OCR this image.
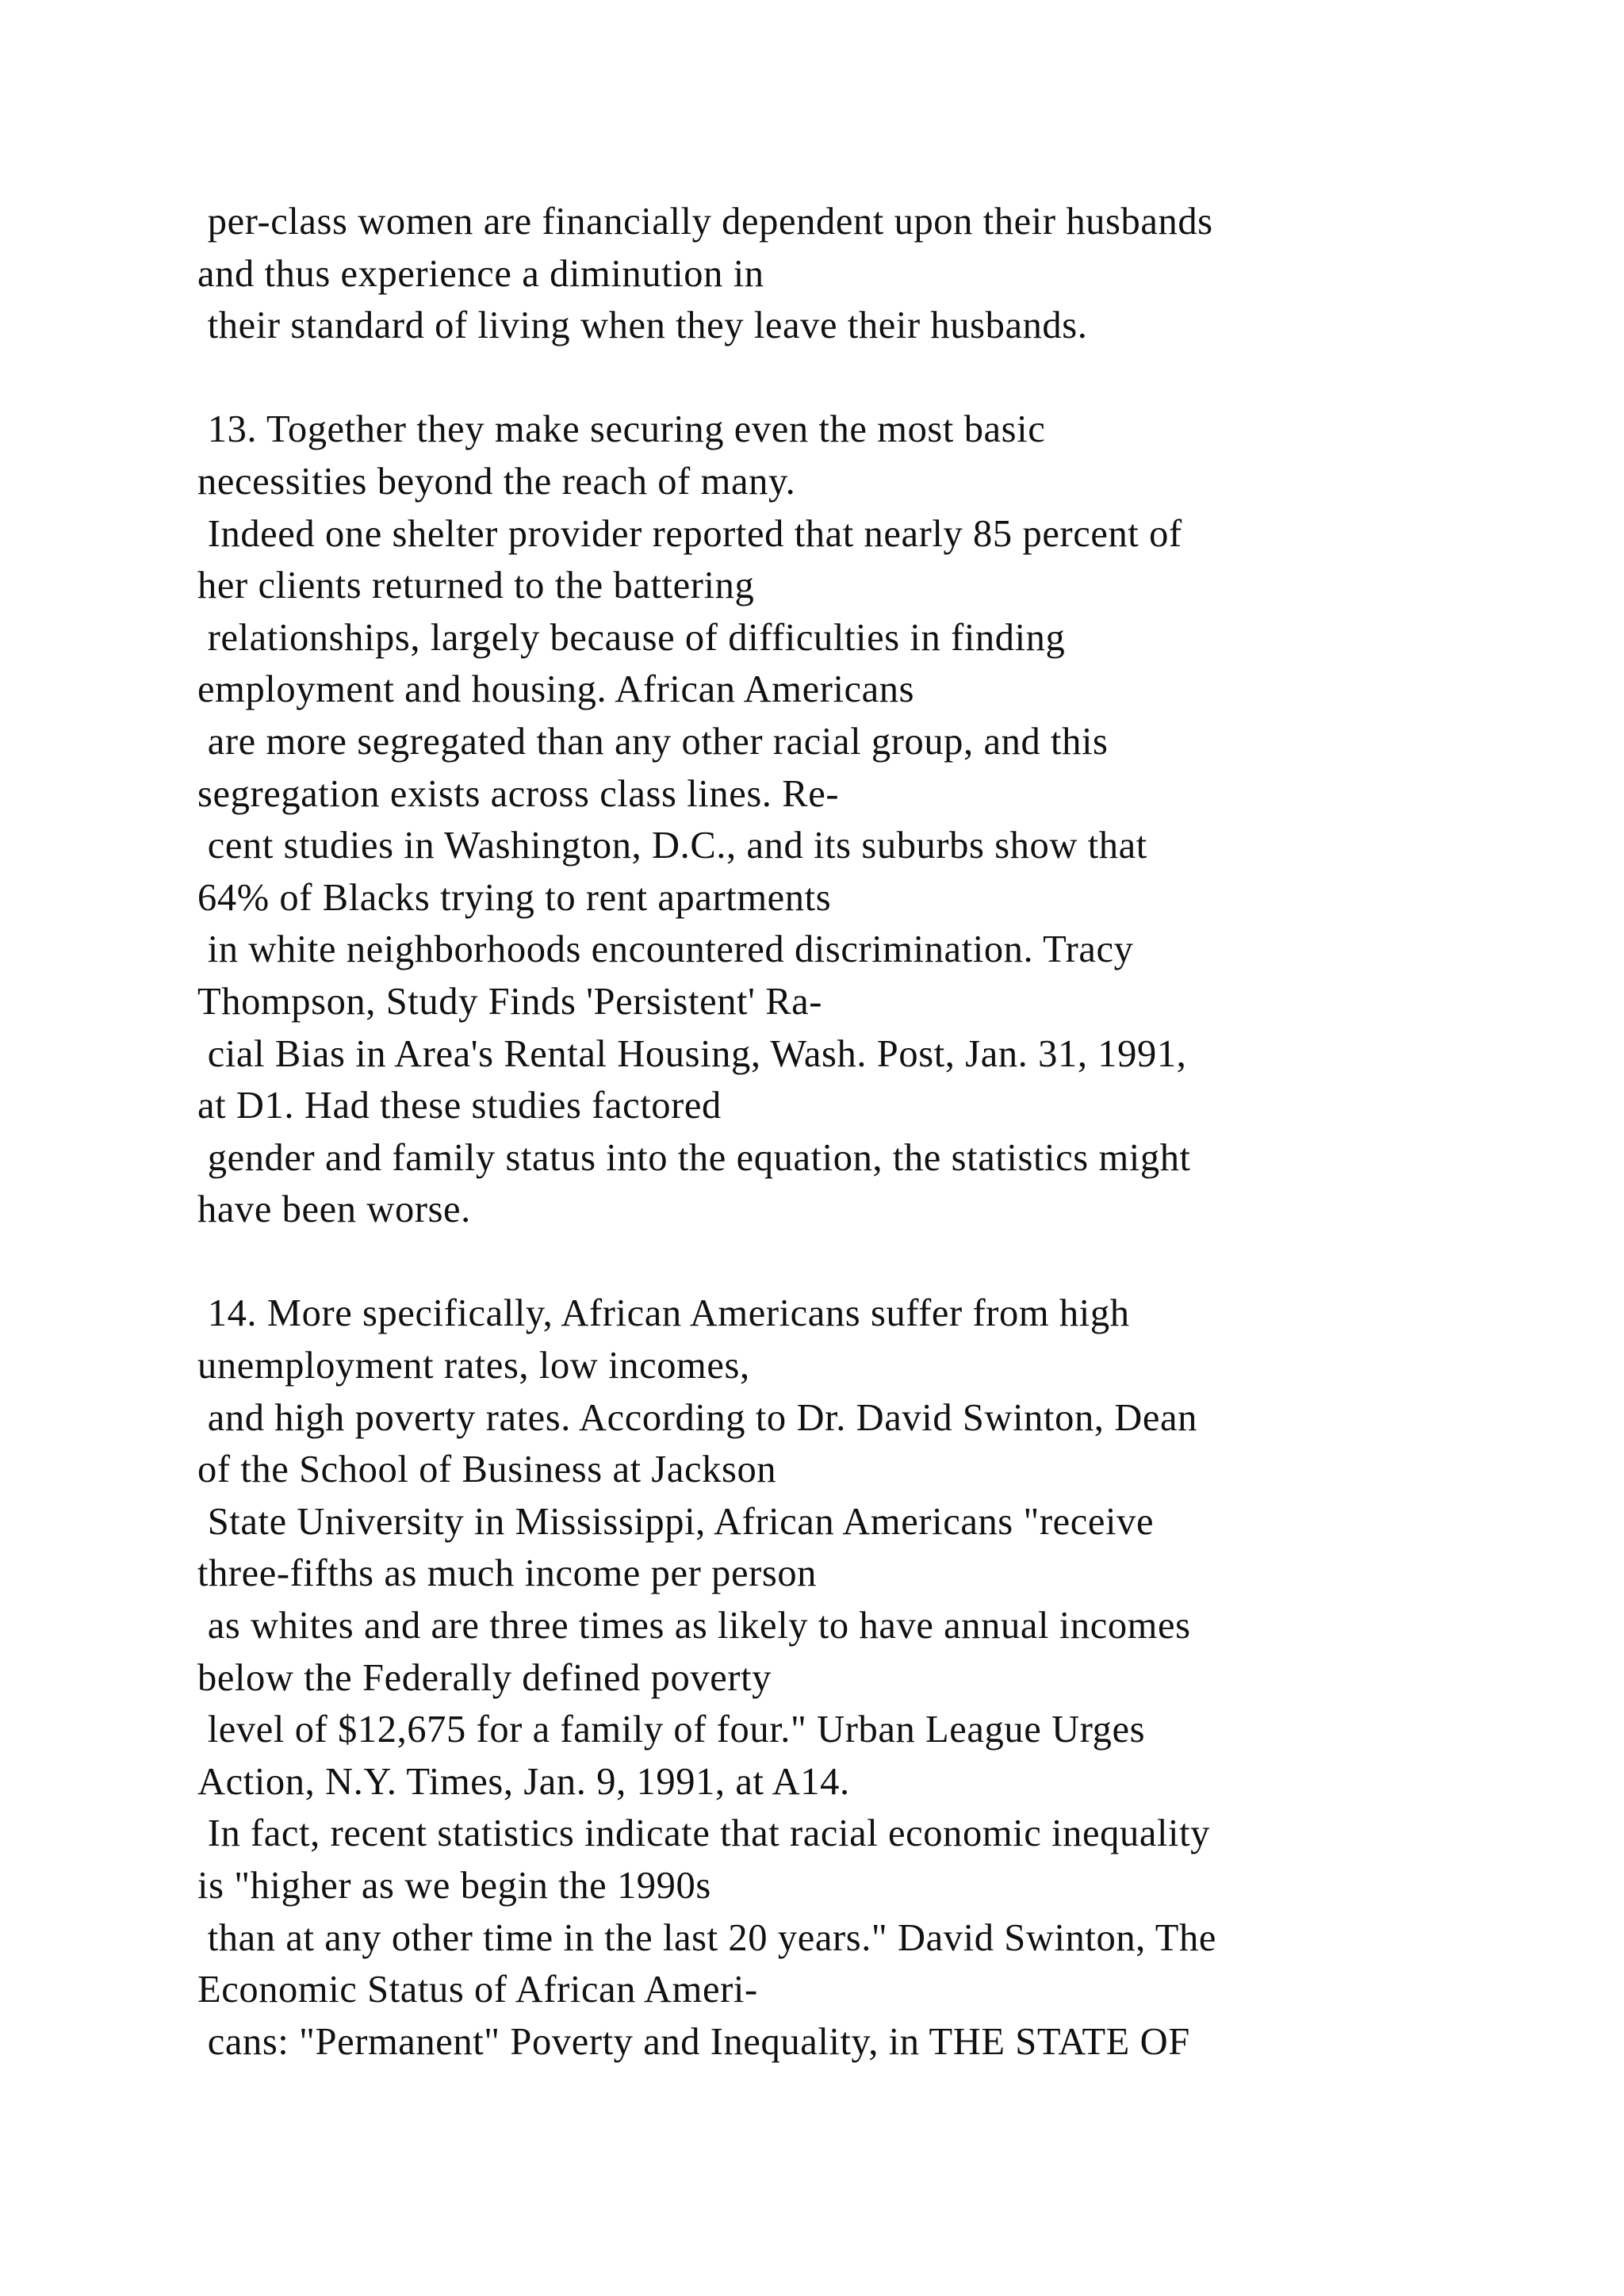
per-class women are financially dependent upon their husbands
and thus experience a diminution in
their standard of living when they leave their husbands.
13. Together they make securing even the most basic
necessities beyond the reach of many.
Indeed one shelter provider reported that nearly 85 percent of
her clients returned to the battering
relationships, largely because of difficulties in finding
employment and housing. African Americans
are more segregated than any other racial group, and this
segregation exists across class lines. Re-
cent studies in Washington, D.C., and its suburbs show that
64% of Blacks trying to rent apartments
in white neighborhoods encountered discrimination. Tracy
Thompson, Study Finds 'Persistent' Ra-
cial Bias in Area's Rental Housing, Wash. Post, Jan. 31, 1991,
at D1. Had these studies factored
gender and family status into the equation, the statistics might
have been worse.
14. More specifically, African Americans suffer from high
unemployment rates, low incomes,
and high poverty rates. According to Dr. David Swinton, Dean
of the School of Business at Jackson
State University in Mississippi, African Americans "receive
three-fifths as much income per person
as whites and are three times as likely to have annual incomes
below the Federally defined poverty
level of $12,675 for a family of four." Urban League Urges
Action, N.Y. Times, Jan. 9, 1991, at A14.
In fact, recent statistics indicate that racial economic inequality
is "higher as we begin the 1990s
than at any other time in the last 20 years." David Swinton, The
Economic Status of African Ameri-
cans: "Permanent" Poverty and Inequality, in THE STATE OF
